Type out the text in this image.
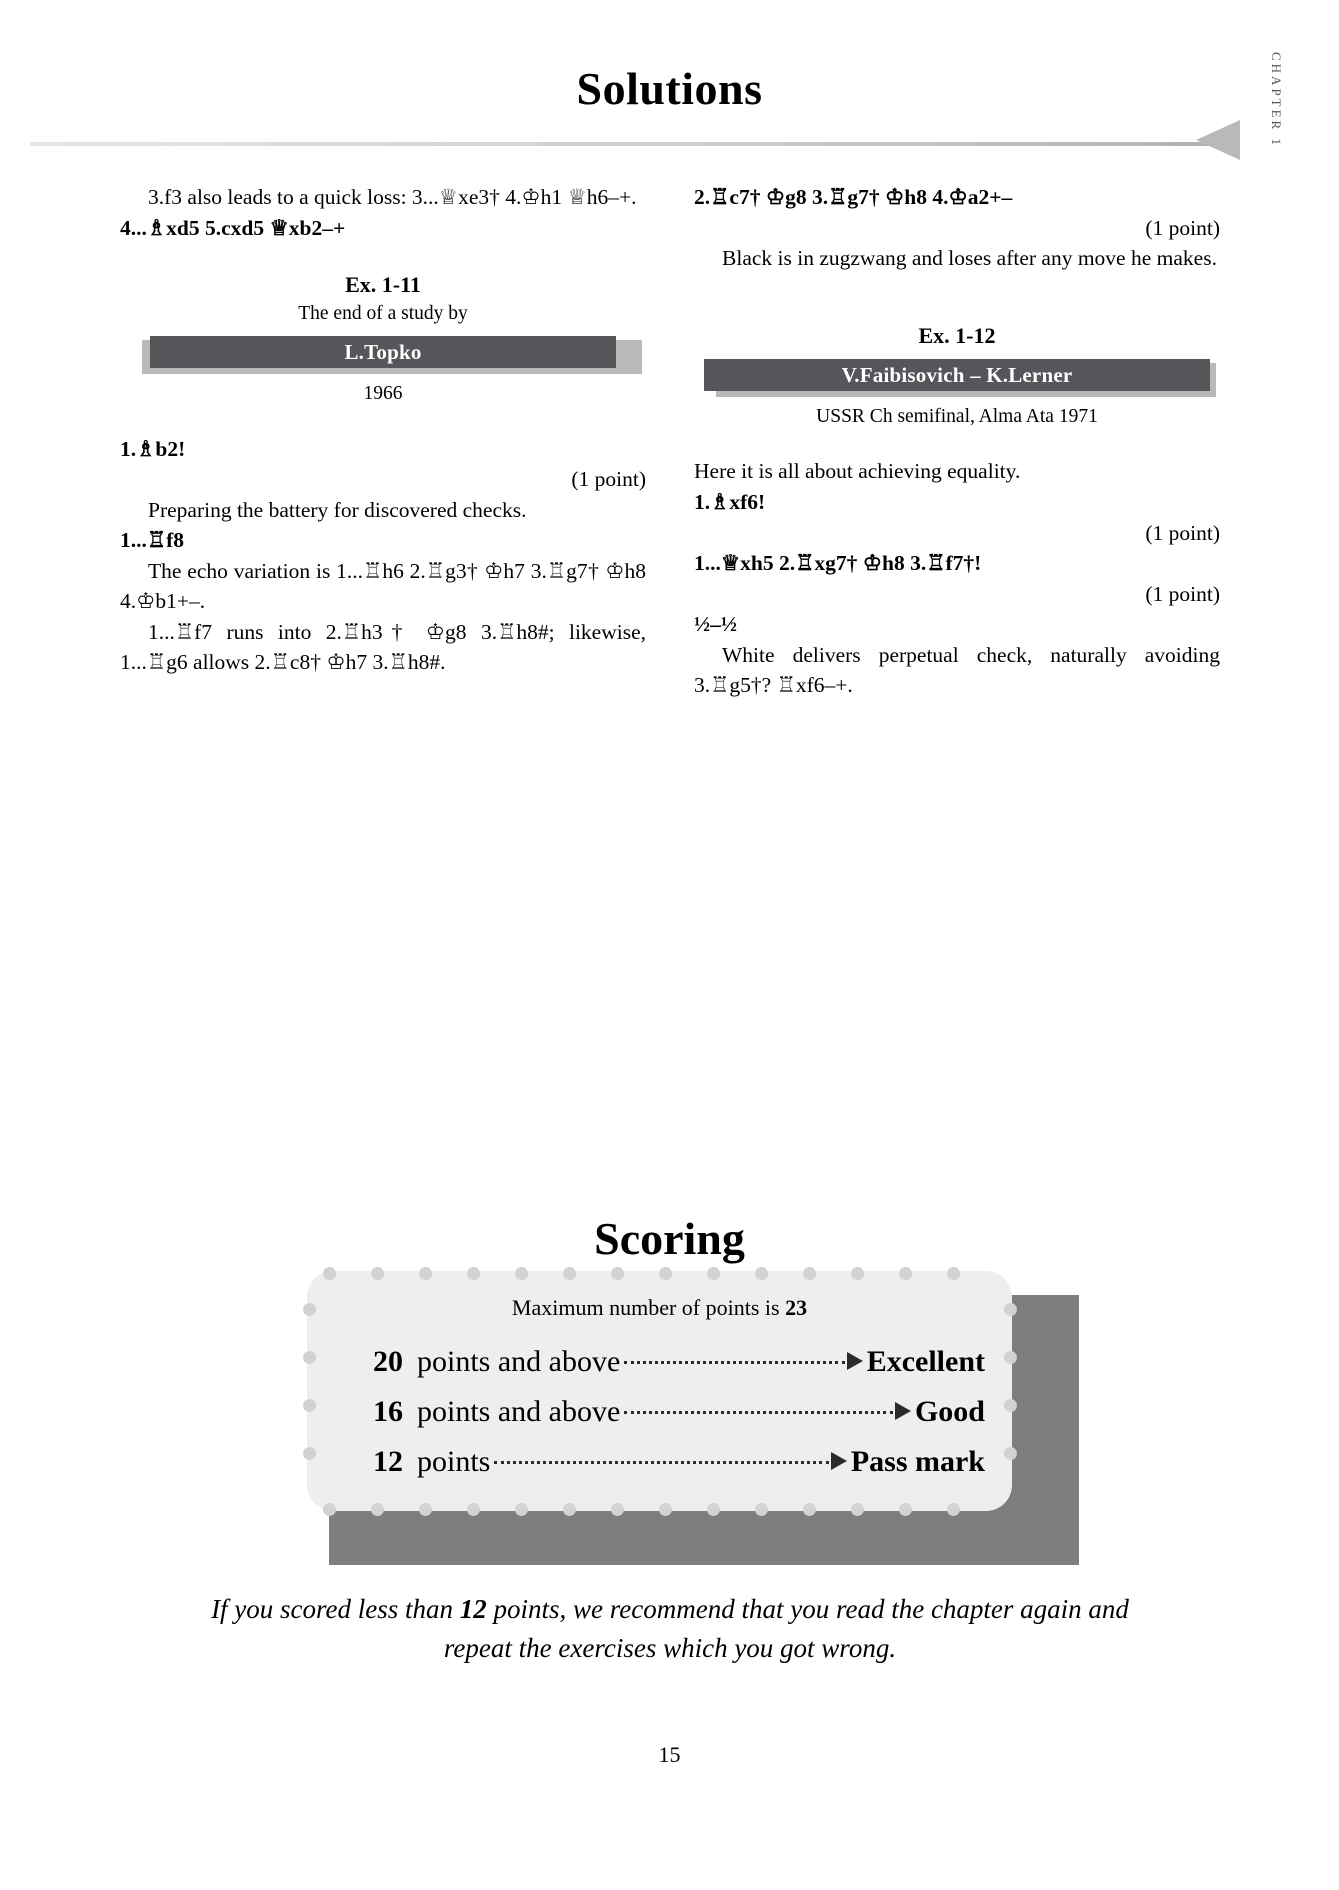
Solutions	CHAPTER 1

3.f3 also leads to a quick loss: 3...♕xe3† 4.♔h1 ♕h6–+.

4...♗xd5 5.cxd5 ♕xb2–+

Ex. 1-11

The end of a study by

L.Topko

1966

1.♗b2!

(1 point)

Preparing the battery for discovered checks.

1...♖f8

The echo variation is 1...♖h6 2.♖g3† ♔h7 3.♖g7† ♔h8 4.♔b1+–.

1...♖f7 runs into 2.♖h3† ♔g8 3.♖h8#; likewise, 1...♖g6 allows 2.♖c8† ♔h7 3.♖h8#.

2.♖c7† ♔g8 3.♖g7† ♔h8 4.♔a2+–

(1 point)

Black is in zugzwang and loses after any move he makes.

Ex. 1-12

V.Faibisovich – K.Lerner

USSR Ch semifinal, Alma Ata 1971

Here it is all about achieving equality.

1.♗xf6!

(1 point)

1...♕xh5 2.♖xg7† ♔h8 3.♖f7†!

(1 point)

½–½

White delivers perpetual check, naturally avoiding 3.♖g5†? ♖xf6–+.

Scoring
Maximum number of points is 23
20 points and above	Excellent
16 points and above	Good
12 points	Pass mark
If you scored less than 12 points, we recommend that you read the chapter again and repeat the exercises which you got wrong.
15
